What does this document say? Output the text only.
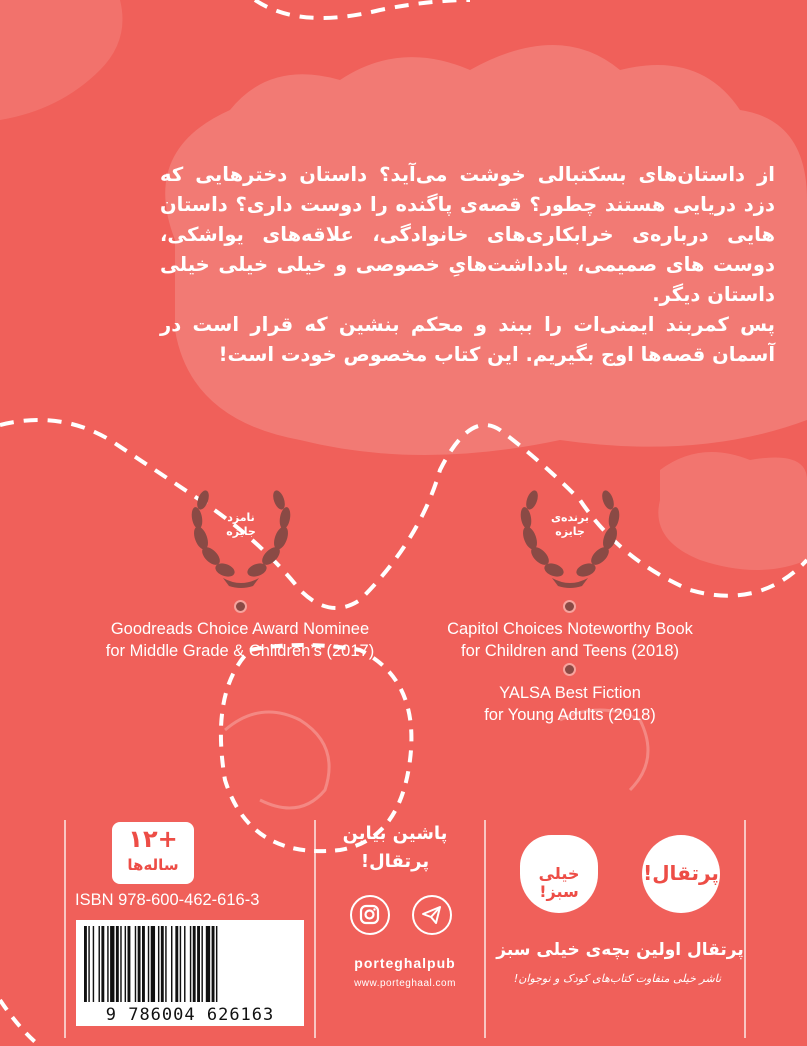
از داستان‌های بسکتبالی خوشت می‌آید؟ داستان دخترهایی که دزد دریایی هستند چطور؟ قصه‌ی پاگنده را دوست داری؟ داستان هایی درباره‌ی خرابکاری‌های خانوادگی، علاقه‌های یواشکی، دوست های صمیمی، یادداشت‌هایِ خصوصی و خیلی خیلی خیلی داستان دیگر.

پس کمربند ایمنی‌ات را ببند و محکم بنشین که قرار است در آسمان قصه‌ها اوج بگیریم. این کتاب مخصوص خودت است!

نامزد
جایزه
برنده‌ی
جایزه
Goodreads Choice Award Nominee
for Middle Grade & Children’s (2017)
Capitol Choices Noteworthy Book
for Children and Teens (2018)
YALSA Best Fiction
for Young Adults (2018)
+۱۲
ساله‌ها
ISBN 978-600-462-616-3
9 786004 626163
پاشین بیاین
پرتقال!
porteghalpub
www.porteghaal.com
پرتقال!
خیلی سبز!
پرتقال اولین بچه‌ی خیلی سبز
ناشر خیلی متفاوت کتاب‌های کودک و نوجوان!
